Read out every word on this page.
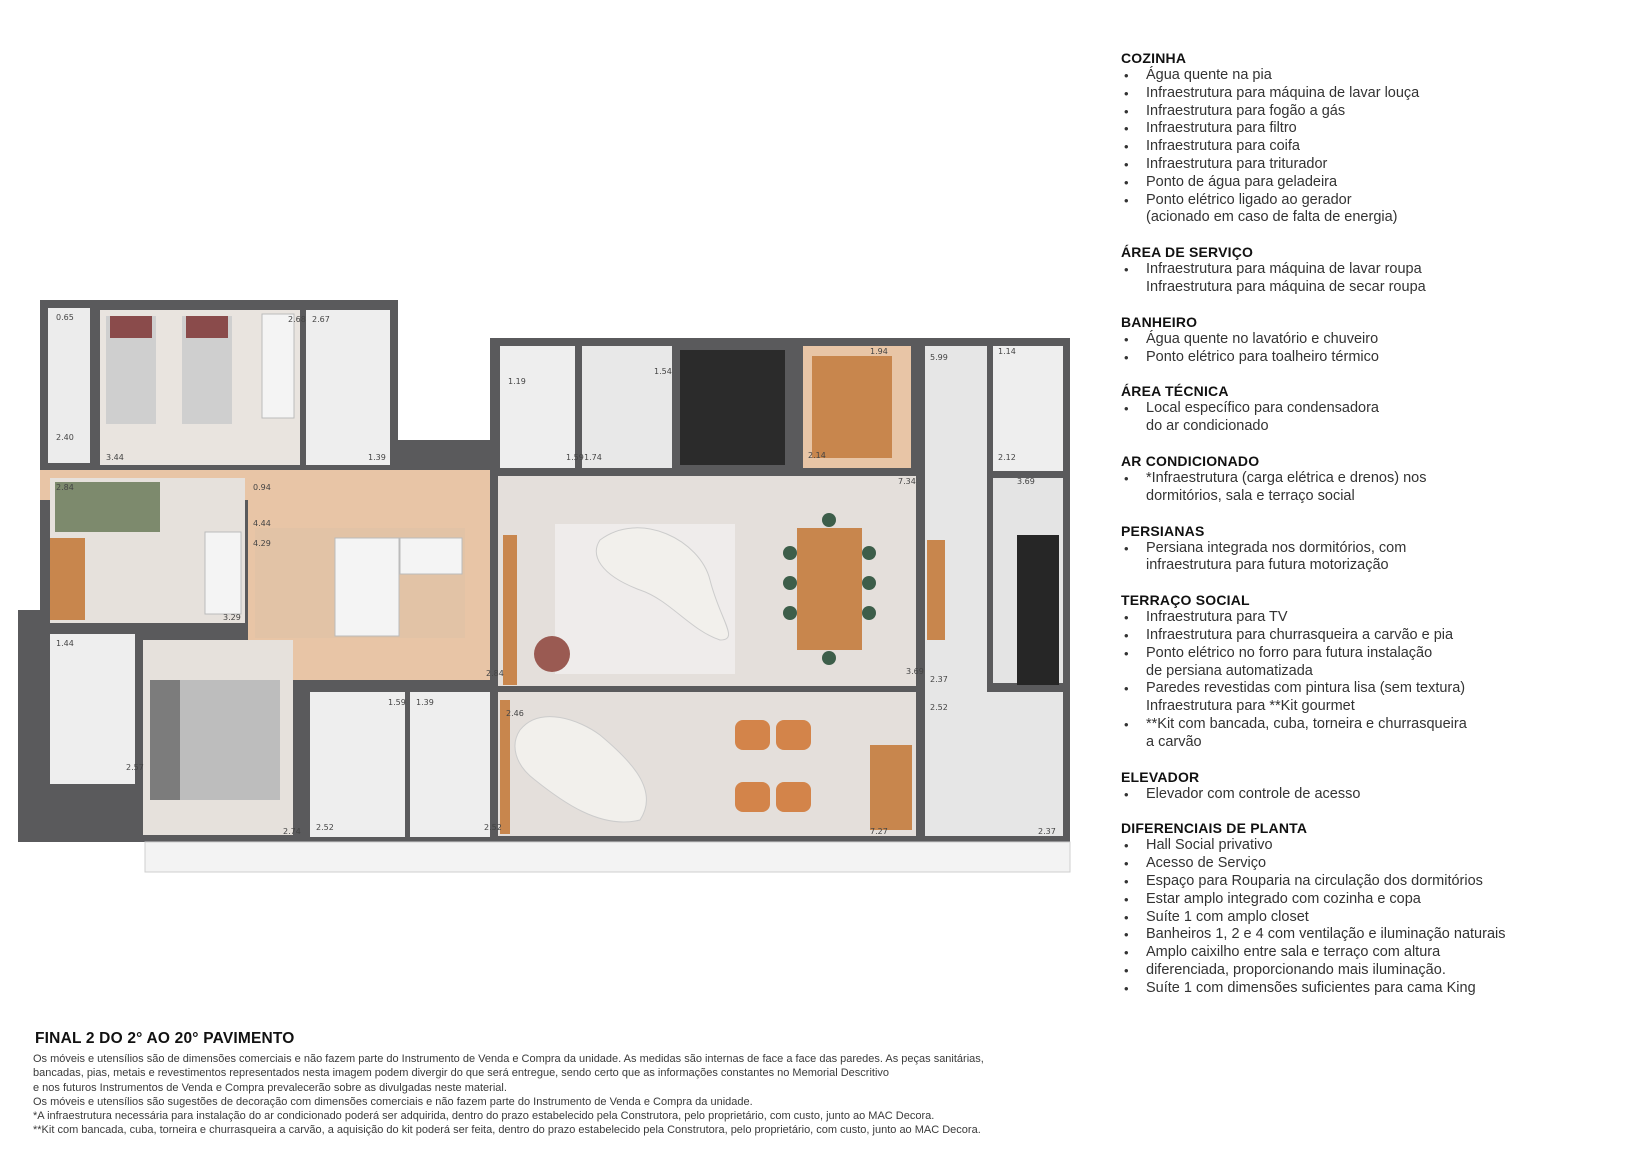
0.65	2.68 2.67
2.40
3.44	1.39
1.19
1.59 1.74
1.54
1.94
2.14
5.99
1.14
2.12
0.94
4.44
4.29
2.84
3.29
7.34	3.69
3.69
1.44
2.57
1.59 1.39
2.84
2.46
2.52	2.52
2.74
2.52
7.27	2.37
2.37
COZINHA
• Água quente na pia
• Infraestrutura para máquina de lavar louça
• Infraestrutura para fogão a gás
• Infraestrutura para filtro
• Infraestrutura para coifa
• Infraestrutura para triturador
• Ponto de água para geladeira
• Ponto elétrico ligado ao gerador
(acionado em caso de falta de energia)
ÁREA DE SERVIÇO
• Infraestrutura para máquina de lavar roupa
Infraestrutura para máquina de secar roupa
BANHEIRO
• Água quente no lavatório e chuveiro
• Ponto elétrico para toalheiro térmico
ÁREA TÉCNICA
• Local específico para condensadora
do ar condicionado
AR CONDICIONADO
• *Infraestrutura (carga elétrica e drenos) nos
dormitórios, sala e terraço social
PERSIANAS
• Persiana integrada nos dormitórios, com
infraestrutura para futura motorização
TERRAÇO SOCIAL
• Infraestrutura para TV
• Infraestrutura para churrasqueira a carvão e pia
• Ponto elétrico no forro para futura instalação
de persiana automatizada
• Paredes revestidas com pintura lisa (sem textura)
Infraestrutura para **Kit gourmet
• **Kit com bancada, cuba, torneira e churrasqueira
a carvão
ELEVADOR
• Elevador com controle de acesso
DIFERENCIAIS DE PLANTA
• Hall Social privativo
• Acesso de Serviço
• Espaço para Rouparia na circulação dos dormitórios
• Estar amplo integrado com cozinha e copa
• Suíte 1 com amplo closet
• Banheiros 1, 2 e 4 com ventilação e iluminação naturais
• Amplo caixilho entre sala e terraço com altura
• diferenciada, proporcionando mais iluminação.
• Suíte 1 com dimensões suficientes para cama King
FINAL 2 DO 2° AO 20° PAVIMENTO
Os móveis e utensílios são de dimensões comerciais e não fazem parte do Instrumento de Venda e Compra da unidade. As medidas são internas de face a face das paredes. As peças sanitárias,
bancadas, pias, metais e revestimentos representados nesta imagem podem divergir do que será entregue, sendo certo que as informações constantes no Memorial Descritivo
e nos futuros Instrumentos de Venda e Compra prevalecerão sobre as divulgadas neste material.
Os móveis e utensílios são sugestões de decoração com dimensões comerciais e não fazem parte do Instrumento de Venda e Compra da unidade.
*A infraestrutura necessária para instalação do ar condicionado poderá ser adquirida, dentro do prazo estabelecido pela Construtora, pelo proprietário, com custo, junto ao MAC Decora.
**Kit com bancada, cuba, torneira e churrasqueira a carvão, a aquisição do kit poderá ser feita, dentro do prazo estabelecido pela Construtora, pelo proprietário, com custo, junto ao MAC Decora.
